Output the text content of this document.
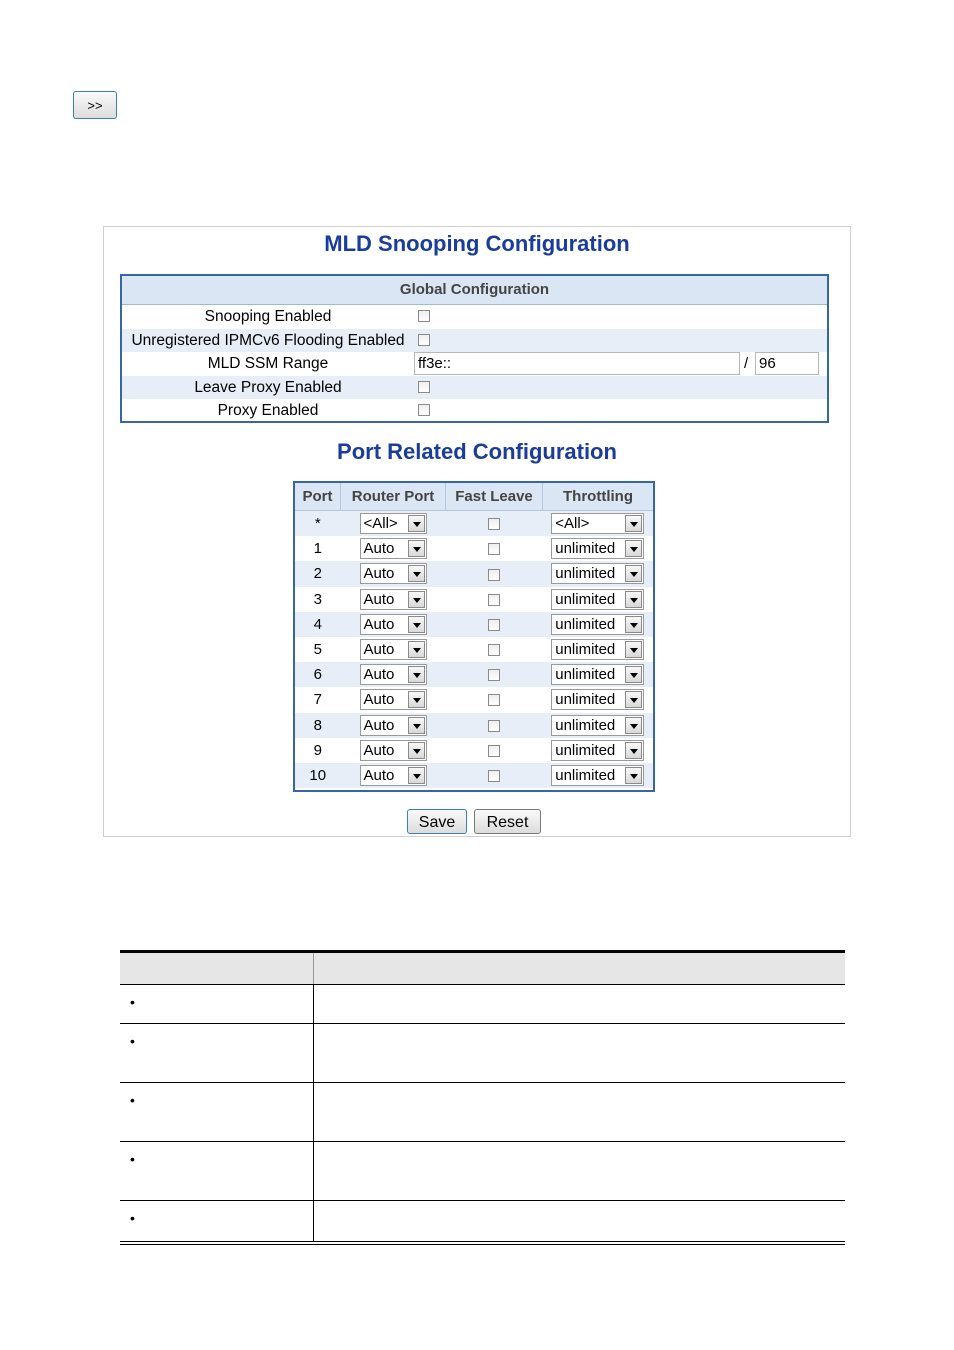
>>
MLD Snooping Configuration
Global Configuration
Snooping Enabled
Unregistered IPMCv6 Flooding Enabled
MLD SSM Range	ff3e::	/ 96
Leave Proxy Enabled
Proxy Enabled
Port Related Configuration
Port	Router Port	Fast Leave	Throttling
*	<All>		<All>

1	Auto		unlimited

2	Auto		unlimited

3	Auto		unlimited

4	Auto		unlimited

5	Auto		unlimited

6	Auto		unlimited

7	Auto		unlimited

8	Auto		unlimited

9	Auto		unlimited

10	Auto		unlimited
Save	Reset
•
•
•
•
•
